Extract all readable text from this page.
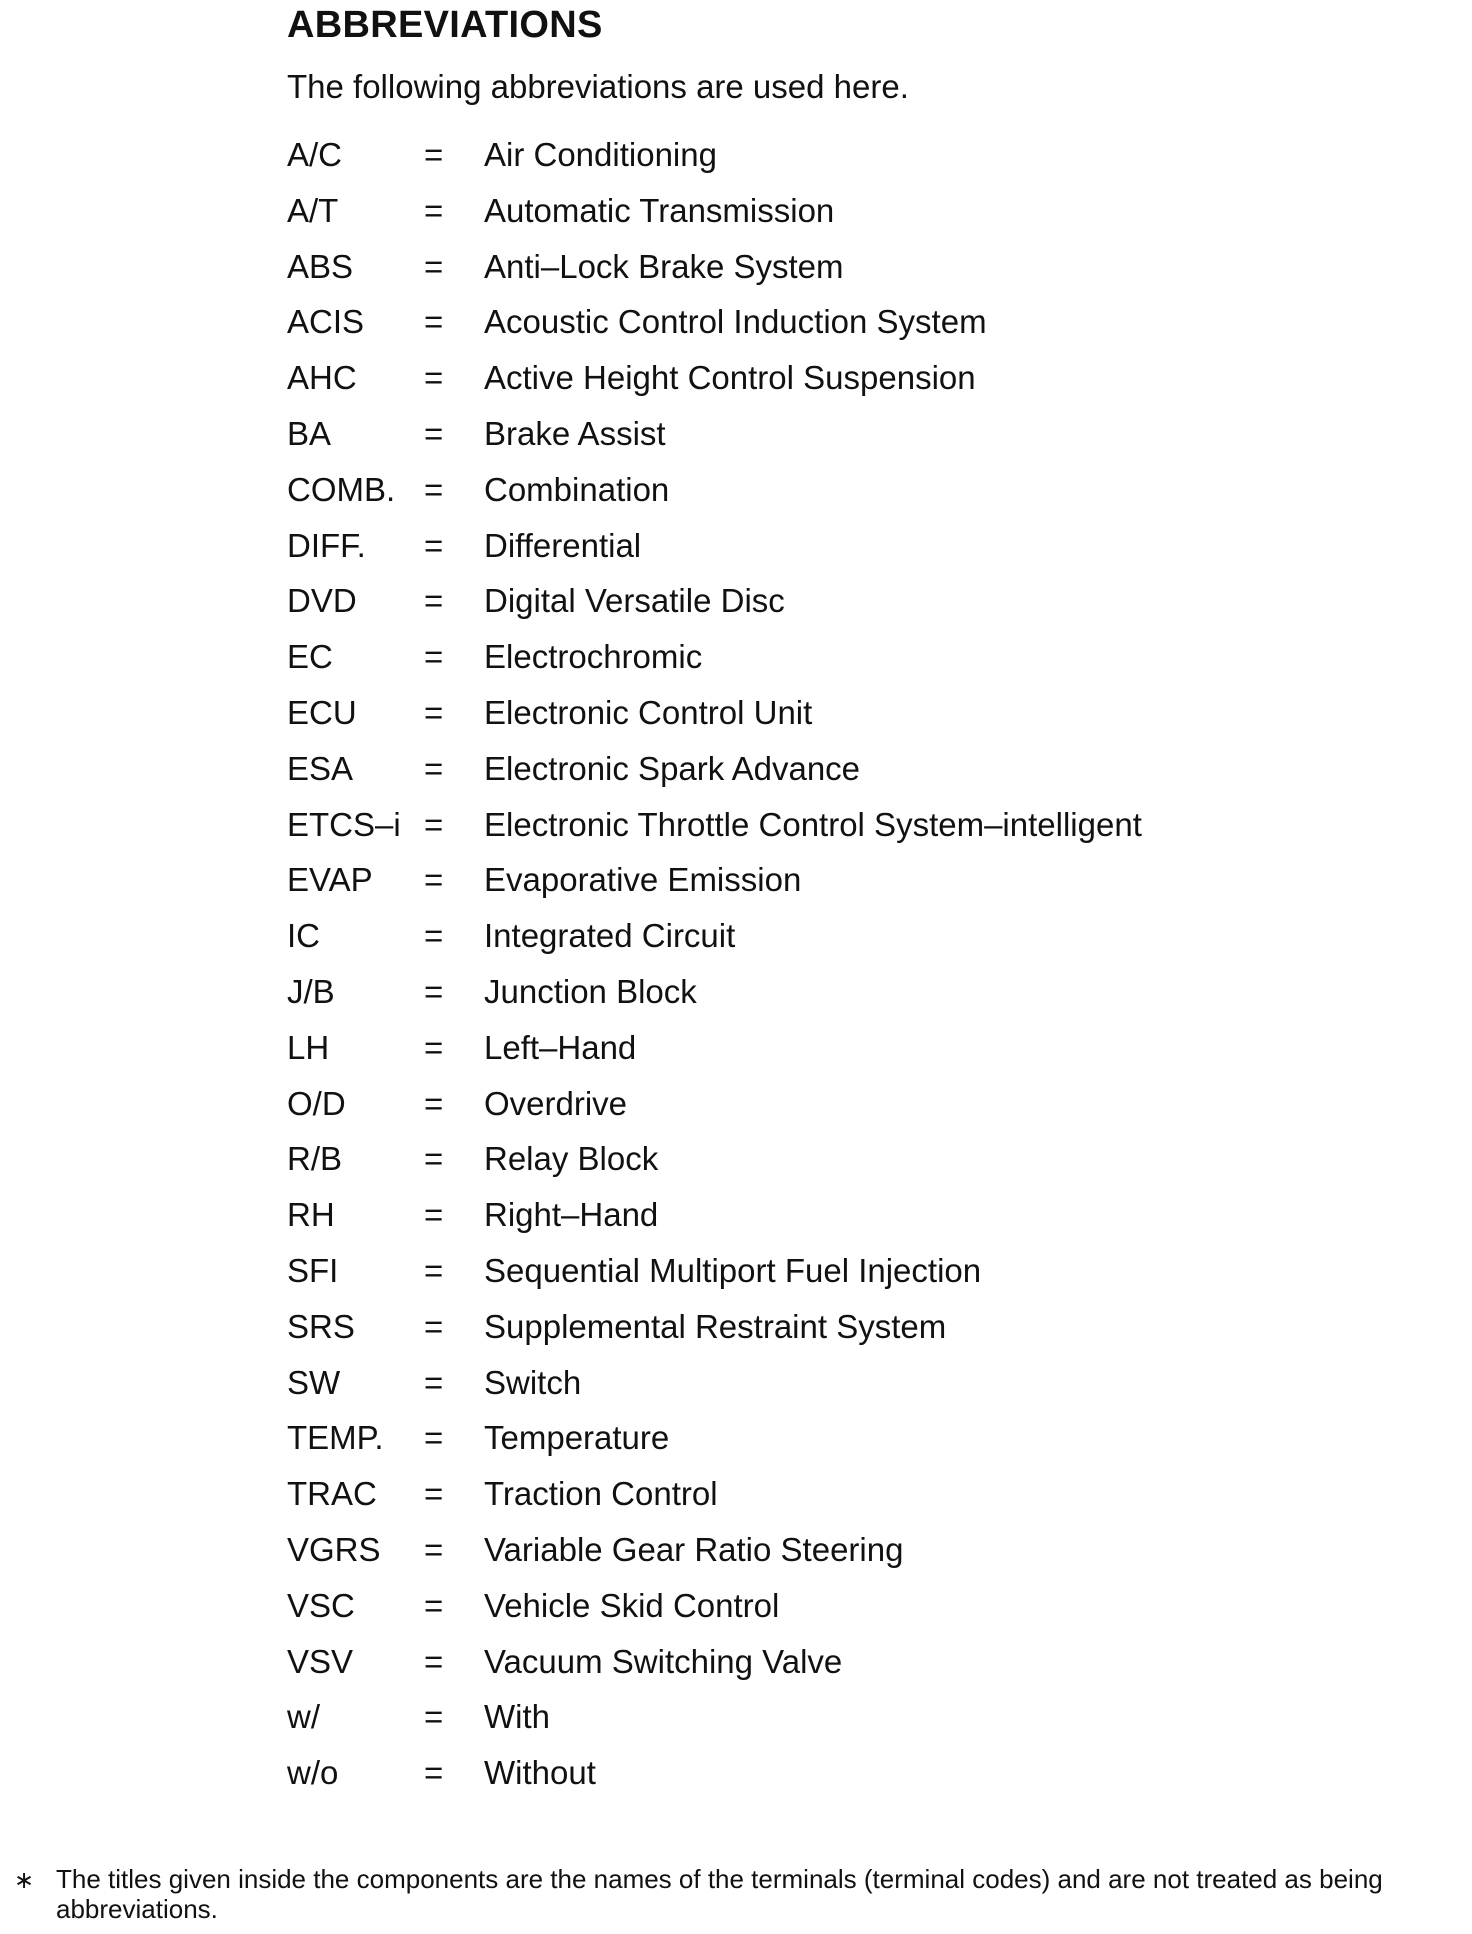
ABBREVIATIONS

The following abbreviations are used here.

A/C	=	Air Conditioning
A/T	=	Automatic Transmission
ABS	=	Anti–Lock Brake System
ACIS	=	Acoustic Control Induction System
AHC	=	Active Height Control Suspension
BA	=	Brake Assist
COMB. =	Combination
DIFF.	=	Differential
DVD	=	Digital Versatile Disc
EC	=	Electrochromic
ECU	=	Electronic Control Unit
ESA	=	Electronic Spark Advance
ETCS–i =	Electronic Throttle Control System–intelligent
EVAP	=	Evaporative Emission
IC	=	Integrated Circuit
J/B	=	Junction Block
LH	=	Left–Hand
O/D	=	Overdrive
R/B	=	Relay Block
RH	=	Right–Hand
SFI	=	Sequential Multiport Fuel Injection
SRS	=	Supplemental Restraint System
SW	=	Switch
TEMP.	=	Temperature
TRAC	=	Traction Control
VGRS	=	Variable Gear Ratio Steering
VSC	=	Vehicle Skid Control
VSV	=	Vacuum Switching Valve
w/	=	With
w/o	=	Without
∗ The titles given inside the components are the names of the terminals (terminal codes) and are not treated as being abbreviations.
